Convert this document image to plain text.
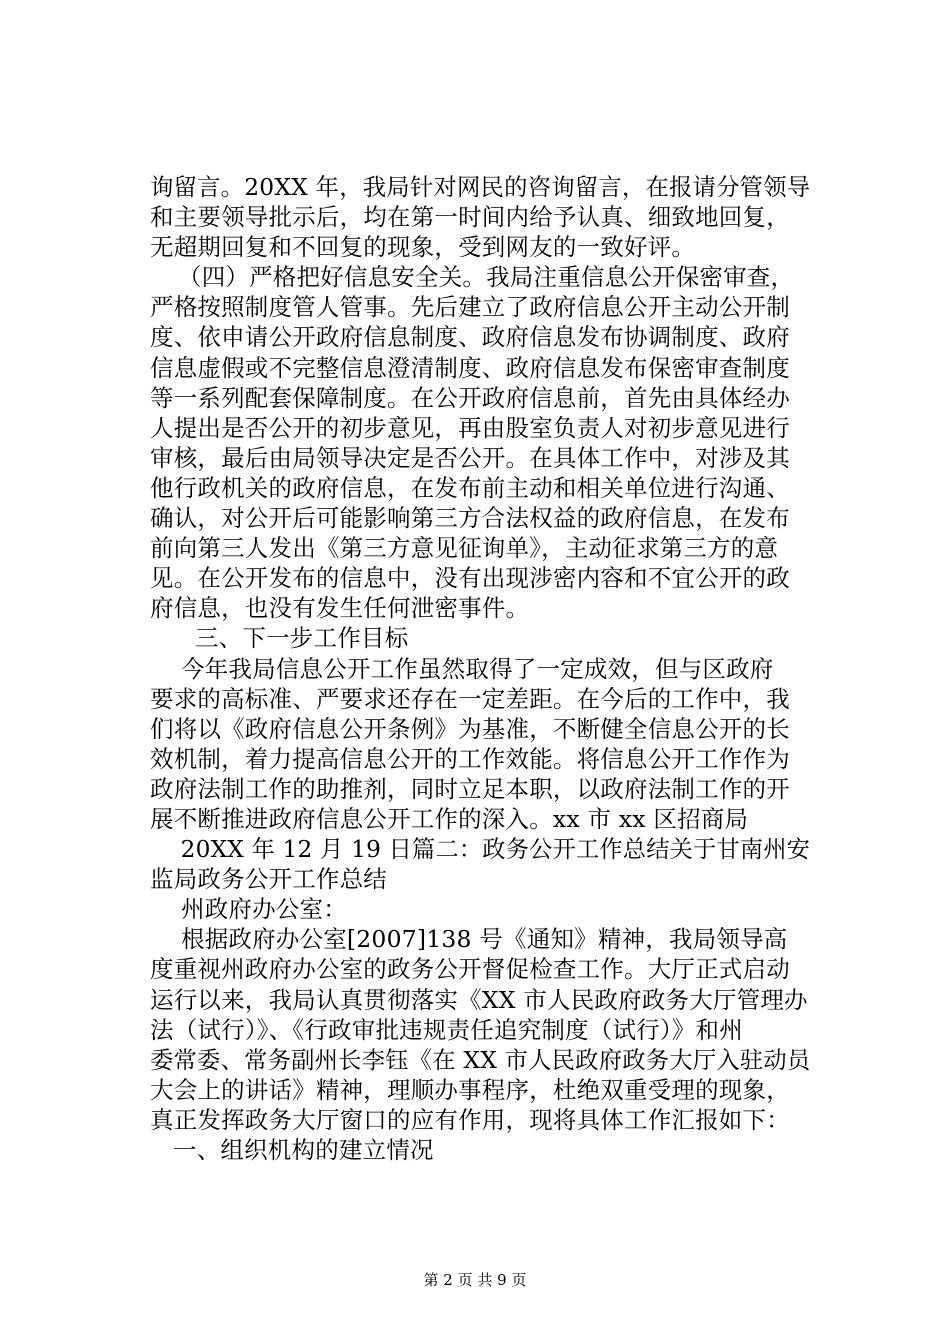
询留言。20XX 年，我局针对网民的咨询留言，在报请分管领导
和主要领导批示后，均在第一时间内给予认真、细致地回复，
无超期回复和不回复的现象，受到网友的一致好评。
（四）严格把好信息安全关。我局注重信息公开保密审查，
严格按照制度管人管事。先后建立了政府信息公开主动公开制
度、依申请公开政府信息制度、政府信息发布协调制度、政府
信息虚假或不完整信息澄清制度、政府信息发布保密审查制度
等一系列配套保障制度。在公开政府信息前，首先由具体经办
人提出是否公开的初步意见，再由股室负责人对初步意见进行
审核，最后由局领导决定是否公开。在具体工作中，对涉及其
他行政机关的政府信息，在发布前主动和相关单位进行沟通、
确认，对公开后可能影响第三方合法权益的政府信息，在发布
前向第三人发出《第三方意见征询单》，主动征求第三方的意
见。在公开发布的信息中，没有出现涉密内容和不宜公开的政
府信息，也没有发生任何泄密事件。
三、下一步工作目标
今年我局信息公开工作虽然取得了一定成效，但与区政府
要求的高标准、严要求还存在一定差距。在今后的工作中，我
们将以《政府信息公开条例》为基准，不断健全信息公开的长
效机制，着力提高信息公开的工作效能。将信息公开工作作为
政府法制工作的助推剂，同时立足本职，以政府法制工作的开
展不断推进政府信息公开工作的深入。xx 市 xx 区招商局
20XX 年 12 月 19 日篇二：政务公开工作总结关于甘南州安
监局政务公开工作总结
州政府办公室：
根据政府办公室[2007]138 号《通知》精神，我局领导高
度重视州政府办公室的政务公开督促检查工作。大厅正式启动
运行以来，我局认真贯彻落实《XX 市人民政府政务大厅管理办
法（试行）》、《行政审批违规责任追究制度（试行）》和州
委常委、常务副州长李钰《在 XX 市人民政府政务大厅入驻动员
大会上的讲话》精神，理顺办事程序，杜绝双重受理的现象，
真正发挥政务大厅窗口的应有作用，现将具体工作汇报如下：
一、组织机构的建立情况
第 2 页 共 9 页
